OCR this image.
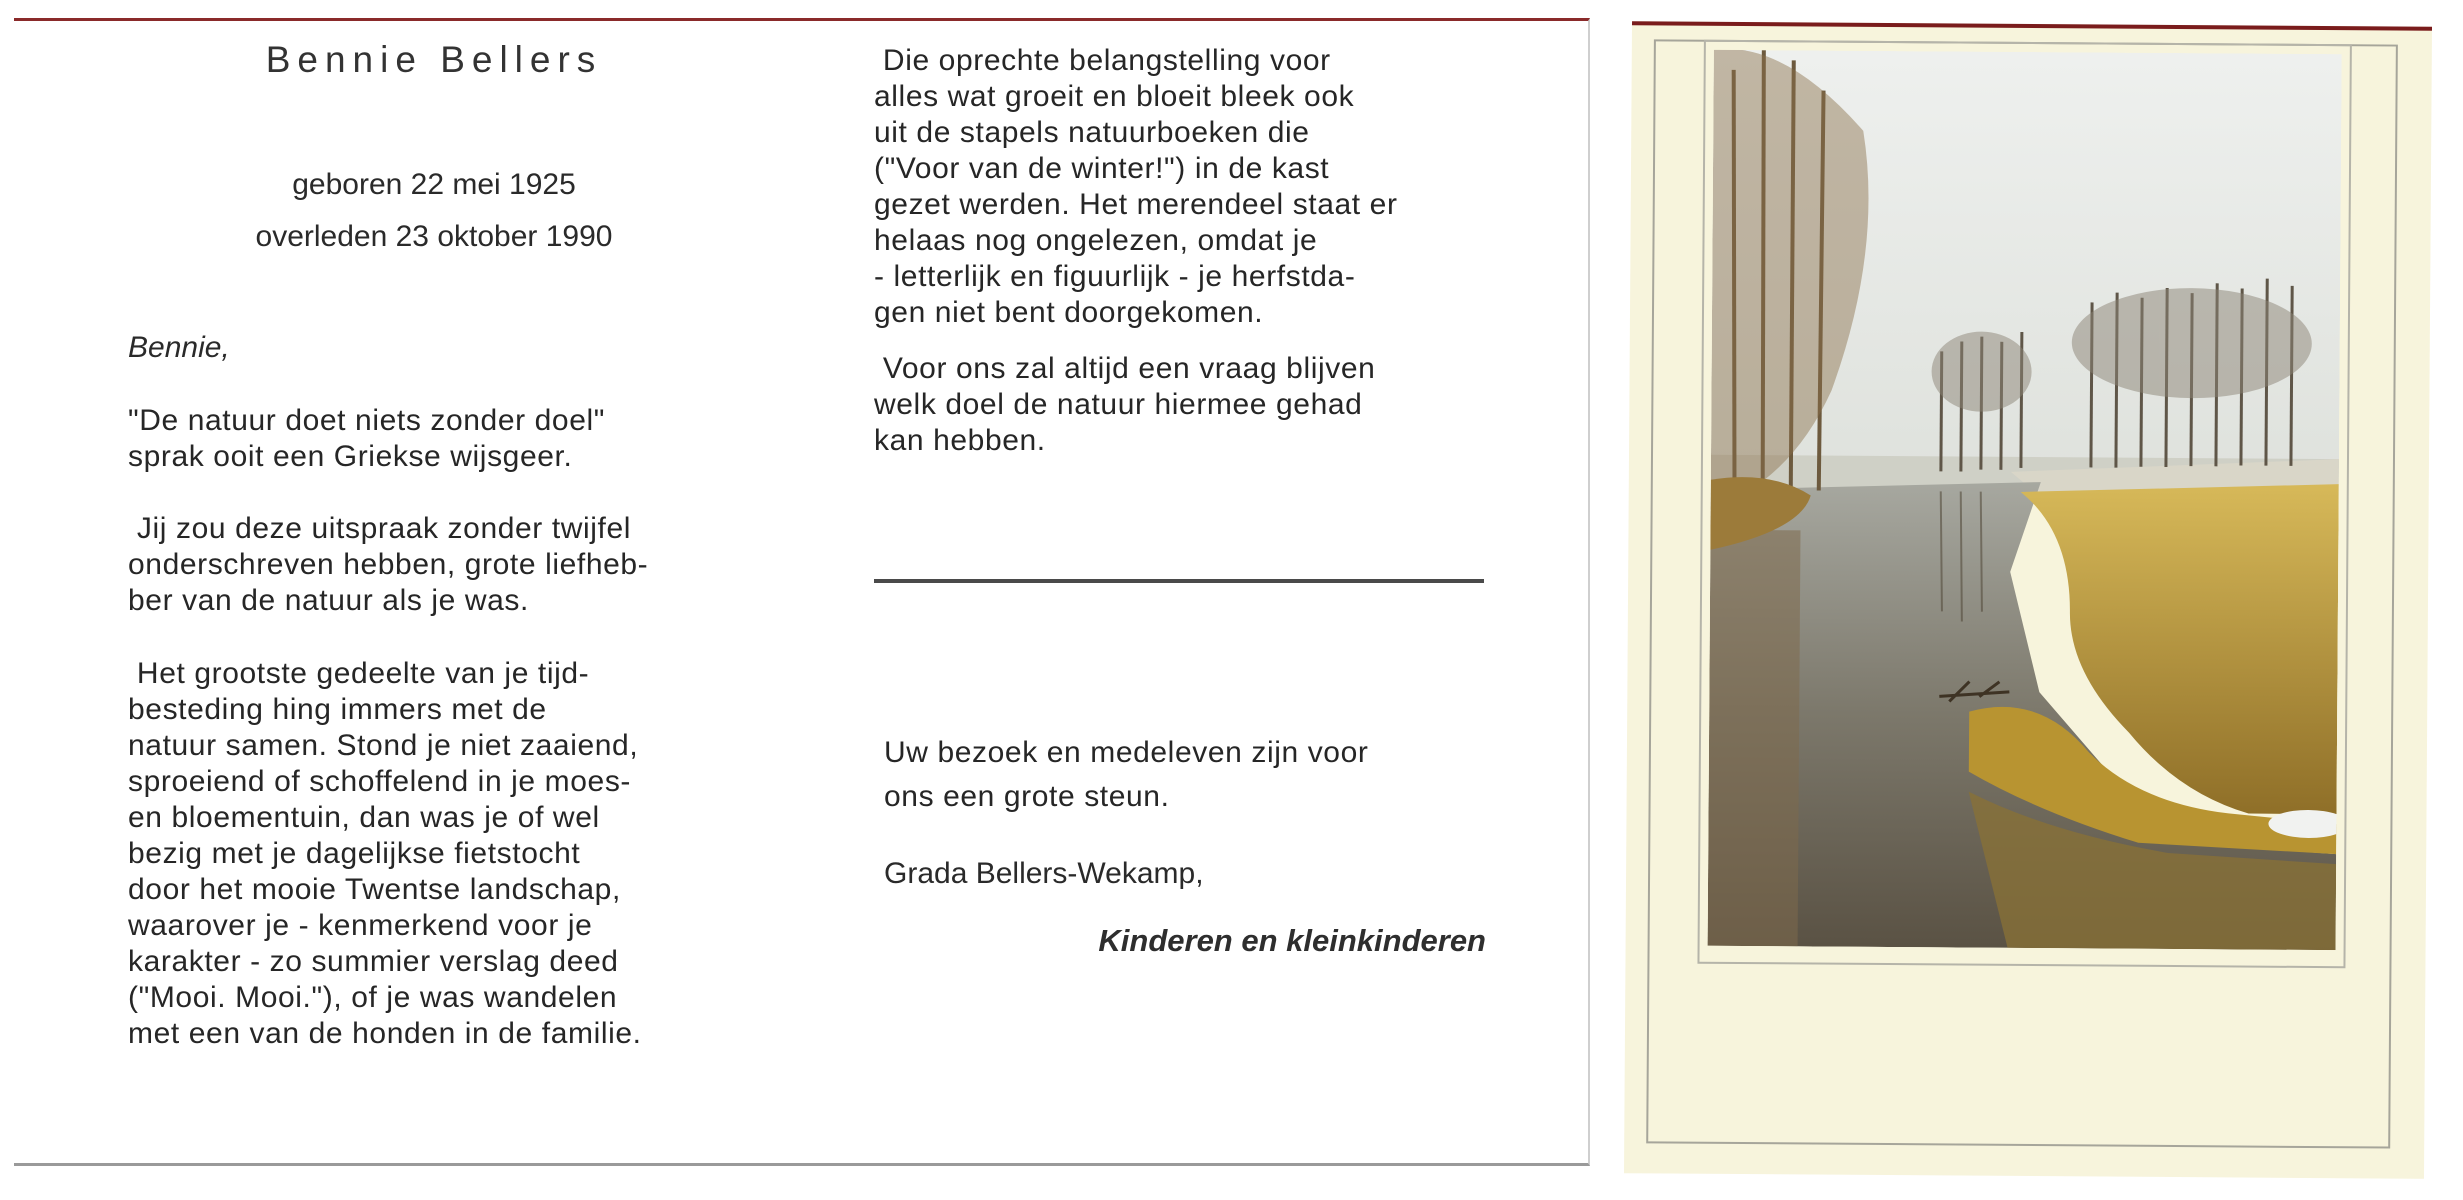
Bennie Bellers
geboren 22 mei 1925
overleden 23 oktober 1990
Bennie,
"De natuur doet niets zonder doel"
sprak ooit een Griekse wijsgeer.
Jij zou deze uitspraak zonder twijfel
onderschreven hebben, grote liefheb-
ber van de natuur als je was.
Het grootste gedeelte van je tijd-
besteding hing immers met de
natuur samen. Stond je niet zaaiend,
sproeiend of schoffelend in je moes-
en bloementuin, dan was je of wel
bezig met je dagelijkse fietstocht
door het mooie Twentse landschap,
waarover je - kenmerkend voor je
karakter - zo summier verslag deed
("Mooi. Mooi."), of je was wandelen
met een van de honden in de familie.
Die oprechte belangstelling voor
alles wat groeit en bloeit bleek ook
uit de stapels natuurboeken die
("Voor van de winter!") in de kast
gezet werden. Het merendeel staat er
helaas nog ongelezen, omdat je
- letterlijk en figuurlijk - je herfstda-
gen niet bent doorgekomen.
Voor ons zal altijd een vraag blijven
welk doel de natuur hiermee gehad
kan hebben.
Uw bezoek en medeleven zijn voor
ons een grote steun.
Grada Bellers-Wekamp,
Kinderen en kleinkinderen
